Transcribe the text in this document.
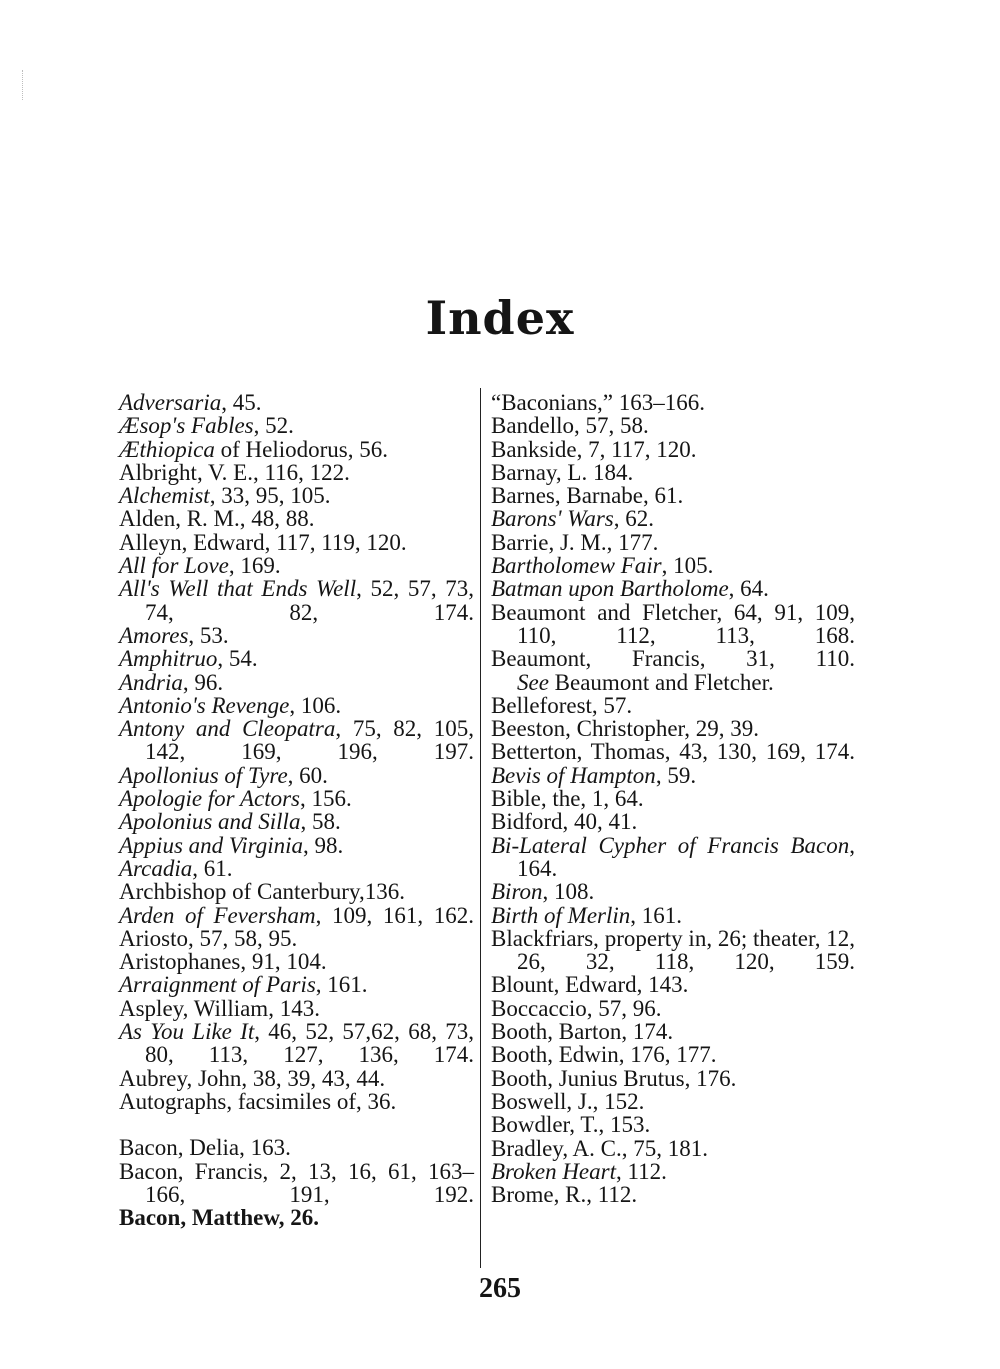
Index
Adversaria, 45.
Æsop's Fables, 52.
Æthiopica of Heliodorus, 56.
Albright, V. E., 116, 122.
Alchemist, 33, 95, 105.
Alden, R. M., 48, 88.
Alleyn, Edward, 117, 119, 120.
All for Love, 169.
All's Well that Ends Well, 52, 57, 73, 74, 82, 174.
Amores, 53.
Amphitruo, 54.
Andria, 96.
Antonio's Revenge, 106.
Antony and Cleopatra, 75, 82, 105, 142, 169, 196, 197.
Apollonius of Tyre, 60.
Apologie for Actors, 156.
Apolonius and Silla, 58.
Appius and Virginia, 98.
Arcadia, 61.
Archbishop of Canterbury,136.
Arden of Feversham, 109, 161, 162.
Ariosto, 57, 58, 95.
Aristophanes, 91, 104.
Arraignment of Paris, 161.
Aspley, William, 143.
As You Like It, 46, 52, 57,62, 68, 73, 80, 113, 127, 136, 174.
Aubrey, John, 38, 39, 43, 44.
Autographs, facsimiles of, 36.
Bacon, Delia, 163.
Bacon, Francis, 2, 13, 16, 61, 163–166, 191, 192.
Bacon, Matthew, 26.
“Baconians,” 163–166.
Bandello, 57, 58.
Bankside, 7, 117, 120.
Barnay, L. 184.
Barnes, Barnabe, 61.
Barons' Wars, 62.
Barrie, J. M., 177.
Bartholomew Fair, 105.
Batman upon Bartholome, 64.
Beaumont and Fletcher, 64, 91, 109, 110, 112, 113, 168.
Beaumont, Francis, 31, 110.
See Beaumont and Fletcher.
Belleforest, 57.
Beeston, Christopher, 29, 39.
Betterton, Thomas, 43, 130, 169, 174.
Bevis of Hampton, 59.
Bible, the, 1, 64.
Bidford, 40, 41.
Bi-Lateral Cypher of Francis Bacon, 164.
Biron, 108.
Birth of Merlin, 161.
Blackfriars, property in, 26; theater, 12, 26, 32, 118, 120, 159.
Blount, Edward, 143.
Boccaccio, 57, 96.
Booth, Barton, 174.
Booth, Edwin, 176, 177.
Booth, Junius Brutus, 176.
Boswell, J., 152.
Bowdler, T., 153.
Bradley, A. C., 75, 181.
Broken Heart, 112.
Brome, R., 112.
265
